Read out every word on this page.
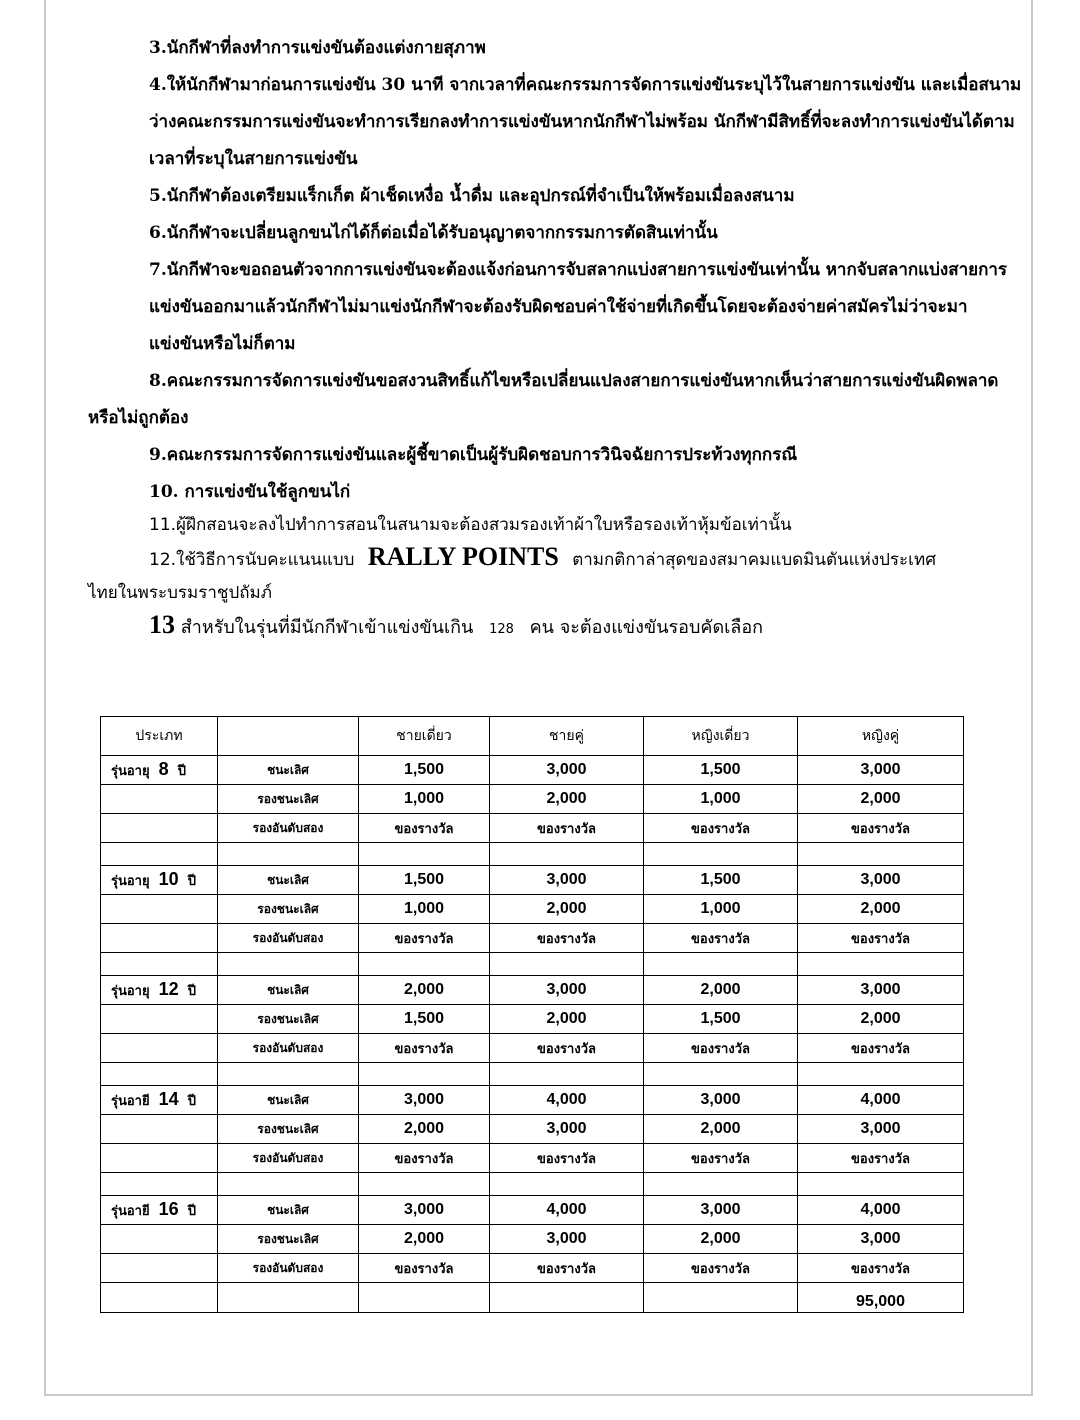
3.นักกีฬาที่ลงทำการแข่งขันต้องแต่งกายสุภาพ
4.ให้นักกีฬามาก่อนการแข่งขัน 30 นาที จากเวลาที่คณะกรรมการจัดการแข่งขันระบุไว้ในสายการแข่งขัน และเมื่อสนาม
ว่างคณะกรรมการแข่งขันจะทำการเรียกลงทำการแข่งขันหากนักกีฬาไม่พร้อม นักกีฬามีสิทธิ์ที่จะลงทำการแข่งขันได้ตาม
เวลาที่ระบุในสายการแข่งขัน
5.นักกีฬาต้องเตรียมแร็กเก็ต ผ้าเช็ดเหงื่อ น้ำดื่ม และอุปกรณ์ที่จำเป็นให้พร้อมเมื่อลงสนาม
6.นักกีฬาจะเปลี่ยนลูกขนไก่ได้ก็ต่อเมื่อได้รับอนุญาตจากกรรมการตัดสินเท่านั้น
7.นักกีฬาจะขอถอนตัวจากการแข่งขันจะต้องแจ้งก่อนการจับสลากแบ่งสายการแข่งขันเท่านั้น หากจับสลากแบ่งสายการ
แข่งขันออกมาแล้วนักกีฬาไม่มาแข่งนักกีฬาจะต้องรับผิดชอบค่าใช้จ่ายที่เกิดขึ้นโดยจะต้องจ่ายค่าสมัครไม่ว่าจะมา
แข่งขันหรือไม่ก็ตาม
8.คณะกรรมการจัดการแข่งขันขอสงวนสิทธิ์แก้ไขหรือเปลี่ยนแปลงสายการแข่งขันหากเห็นว่าสายการแข่งขันผิดพลาด
หรือไม่ถูกต้อง
9.คณะกรรมการจัดการแข่งขันและผู้ชี้ขาดเป็นผู้รับผิดชอบการวินิจฉัยการประท้วงทุกกรณี
10. การแข่งขันใช้ลูกขนไก่
11.ผู้ฝึกสอนจะลงไปทำการสอนในสนามจะต้องสวมรองเท้าผ้าใบหรือรองเท้าหุ้มข้อเท่านั้น
12.ใช้วิธีการนับคะแนนแบบ RALLY POINTS ตามกติกาล่าสุดของสมาคมแบดมินตันแห่งประเทศ
ไทยในพระบรมราชูปถัมภ์
13 สำหรับในรุ่นที่มีนักกีฬาเข้าแข่งขันเกิน 128 คน จะต้องแข่งขันรอบคัดเลือก
ประเภท		ชายเดี่ยว	ชายคู่	หญิงเดี่ยว	หญิงคู่
รุ่นอายุ 8 ปี	ชนะเลิศ	1,500	3,000	1,500	3,000
	รองชนะเลิศ	1,000	2,000	1,000	2,000
	รองอันดับสอง	ของรางวัล	ของรางวัล	ของรางวัล	ของรางวัล

รุ่นอายุ 10 ปี	ชนะเลิศ	1,500	3,000	1,500	3,000
	รองชนะเลิศ	1,000	2,000	1,000	2,000
	รองอันดับสอง	ของรางวัล	ของรางวัล	ของรางวัล	ของรางวัล

รุ่นอายุ 12 ปี	ชนะเลิศ	2,000	3,000	2,000	3,000
	รองชนะเลิศ	1,500	2,000	1,500	2,000
	รองอันดับสอง	ของรางวัล	ของรางวัล	ของรางวัล	ของรางวัล

รุ่นอายี 14 ปี	ชนะเลิศ	3,000	4,000	3,000	4,000
	รองชนะเลิศ	2,000	3,000	2,000	3,000
	รองอันดับสอง	ของรางวัล	ของรางวัล	ของรางวัล	ของรางวัล

รุ่นอายี 16 ปี	ชนะเลิศ	3,000	4,000	3,000	4,000
	รองชนะเลิศ	2,000	3,000	2,000	3,000
	รองอันดับสอง	ของรางวัล	ของรางวัล	ของรางวัล	ของรางวัล
					95,000
